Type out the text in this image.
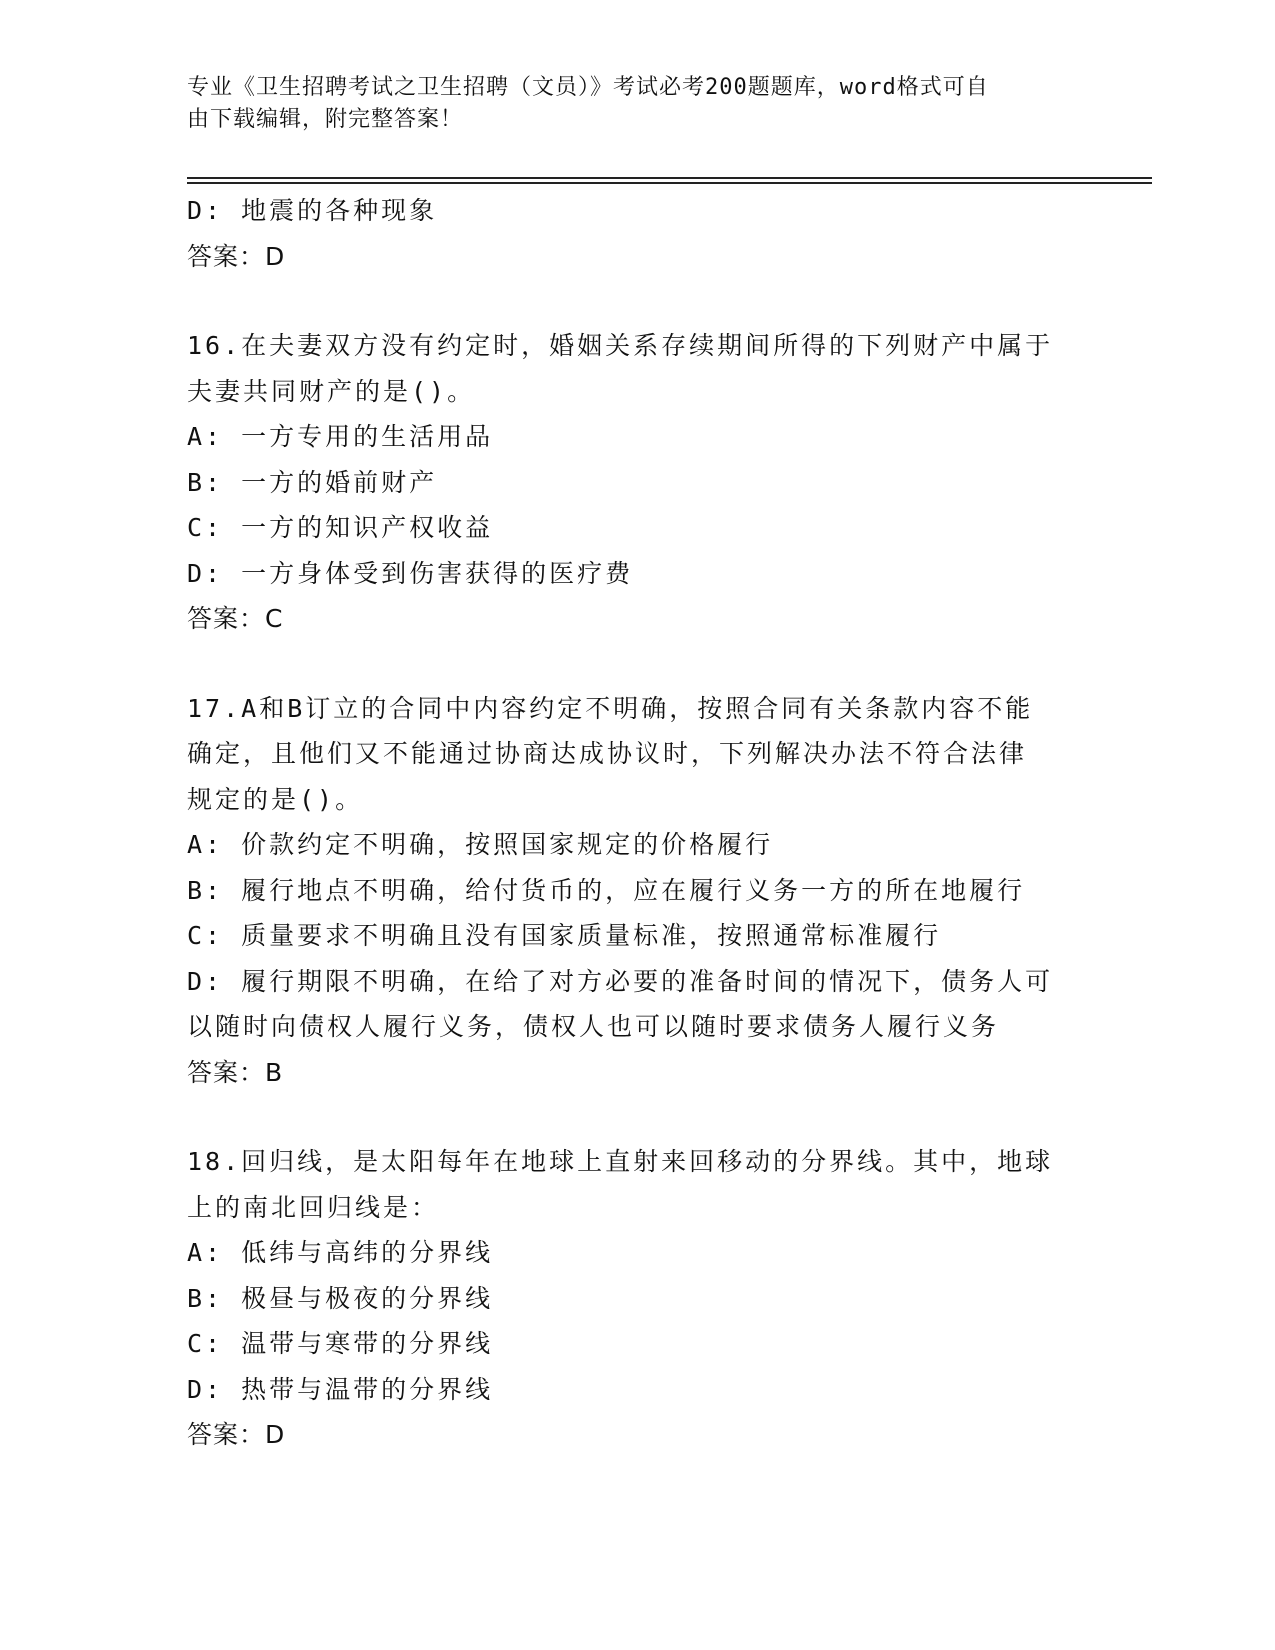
专业《卫生招聘考试之卫生招聘（文员）》考试必考200题题库，word格式可自

由下载编辑，附完整答案！

D: 地震的各种现象

答案：D

16.在夫妻双方没有约定时，婚姻关系存续期间所得的下列财产中属于

夫妻共同财产的是()。

A: 一方专用的生活用品

B: 一方的婚前财产

C: 一方的知识产权收益

D: 一方身体受到伤害获得的医疗费

答案：C

17.A和B订立的合同中内容约定不明确，按照合同有关条款内容不能

确定，且他们又不能通过协商达成协议时，下列解决办法不符合法律

规定的是()。

A: 价款约定不明确，按照国家规定的价格履行

B: 履行地点不明确，给付货币的，应在履行义务一方的所在地履行

C: 质量要求不明确且没有国家质量标准，按照通常标准履行

D: 履行期限不明确，在给了对方必要的准备时间的情况下，债务人可

以随时向债权人履行义务，债权人也可以随时要求债务人履行义务

答案：B

18.回归线，是太阳每年在地球上直射来回移动的分界线。其中，地球

上的南北回归线是：

A: 低纬与高纬的分界线

B: 极昼与极夜的分界线

C: 温带与寒带的分界线

D: 热带与温带的分界线

答案：D
